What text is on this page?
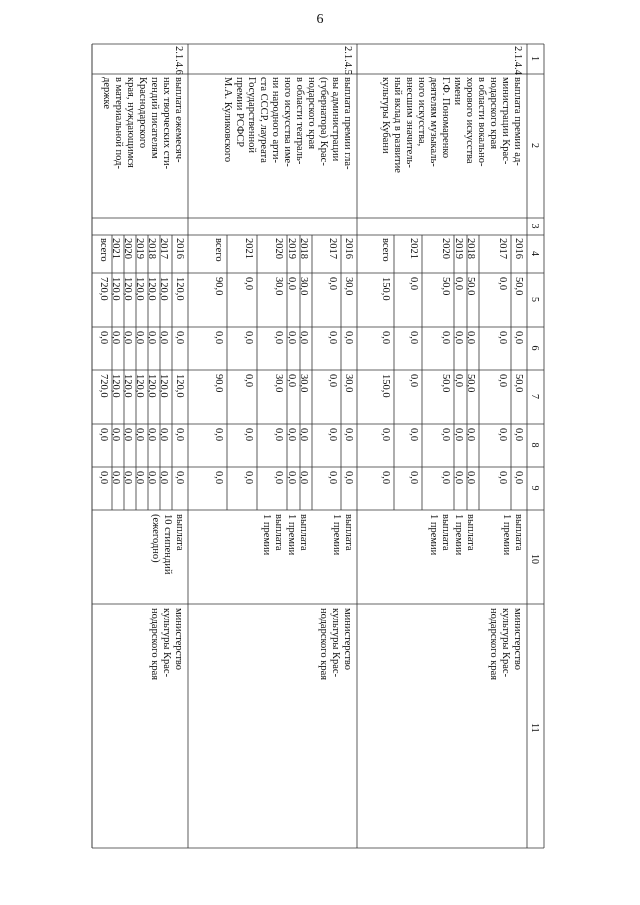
6
1
2
3
4
5
6
7
8
9
10
11
2.1.4.4
выплата премии ад-
министрации Крас-
нодарского края
в области вокально-
хорового искусства
имени
Г.Ф. Пономаренко
деятелям музыкаль-
ного искусства,
внесшим значитель-
ный вклад в развитие
культуры Кубани
2016
50,0
0,0
50,0
0,0
0,0
выплата
1 премии
2017
0,0
0,0
0,0
0,0
0,0
2018
50,0
0,0
50,0
0,0
0,0
выплата
1 премии
2019
0,0
0,0
0,0
0,0
0,0
2020
50,0
0,0
50,0
0,0
0,0
выплата
1 премии
2021
0,0
0,0
0,0
0,0
0,0
всего
150,0
0,0
150,0
0,0
0,0
министерство
культуры Крас-
нодарского края
2.1.4.5
выплата премии гла-
вы администрации
(губернатора) Крас-
нодарского края
в области театраль-
ного искусства име-
ни народного арти-
ста СССР, лауреата
Государственной
премии РСФСР
М.А. Куликовского
2016
30,0
0,0
30,0
0,0
0,0
выплата
1 премии
2017
0,0
0,0
0,0
0,0
0,0
2018
30,0
0,0
30,0
0,0
0,0
выплата
1 премии
2019
0,0
0,0
0,0
0,0
0,0
2020
30,0
0,0
30,0
0,0
0,0
выплата
1 премии
2021
0,0
0,0
0,0
0,0
0,0
всего
90,0
0,0
90,0
0,0
0,0
министерство
культуры Крас-
нодарского края
2.1.4.6
выплата ежемесяч-
ных творческих сти-
пендий писателям
Краснодарского
края, нуждающимся
в материальной под-
держке
2016
120,0
0,0
120,0
0,0
0,0
выплата
10 стипендий
(ежегодно)
2017
120,0
0,0
120,0
0,0
0,0
2018
120,0
0,0
120,0
0,0
0,0
2019
120,0
0,0
120,0
0,0
0,0
2020
120,0
0,0
120,0
0,0
0,0
2021
120,0
0,0
120,0
0,0
0,0
всего
720,0
0,0
720,0
0,0
0,0
министерство
культуры Крас-
нодарского края
